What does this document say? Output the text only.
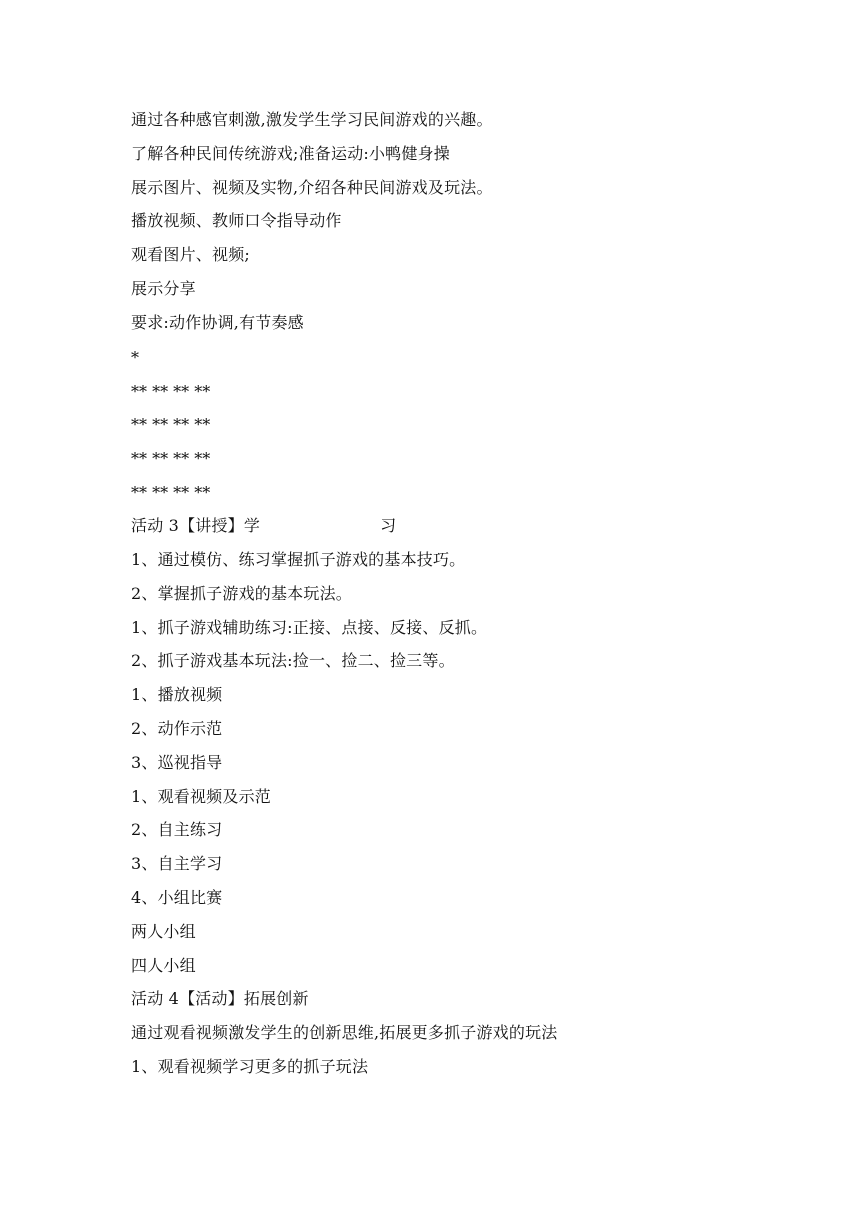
通过各种感官刺激,激发学生学习民间游戏的兴趣。
了解各种民间传统游戏;准备运动:小鸭健身操
展示图片、视频及实物,介绍各种民间游戏及玩法。
播放视频、教师口令指导动作
观看图片、视频;
展示分享
要求:动作协调,有节奏感
*
** ** ** **
** ** ** **
** ** ** **
** ** ** **
活动 3【讲授】学	习
1、通过模仿、练习掌握抓子游戏的基本技巧。
2、掌握抓子游戏的基本玩法。
1、抓子游戏辅助练习:正接、点接、反接、反抓。
2、抓子游戏基本玩法:捡一、捡二、捡三等。
1、播放视频
2、动作示范
3、巡视指导
1、观看视频及示范
2、自主练习
3、自主学习
4、小组比赛
两人小组
四人小组
活动 4【活动】拓展创新
通过观看视频激发学生的创新思维,拓展更多抓子游戏的玩法
1、观看视频学习更多的抓子玩法
